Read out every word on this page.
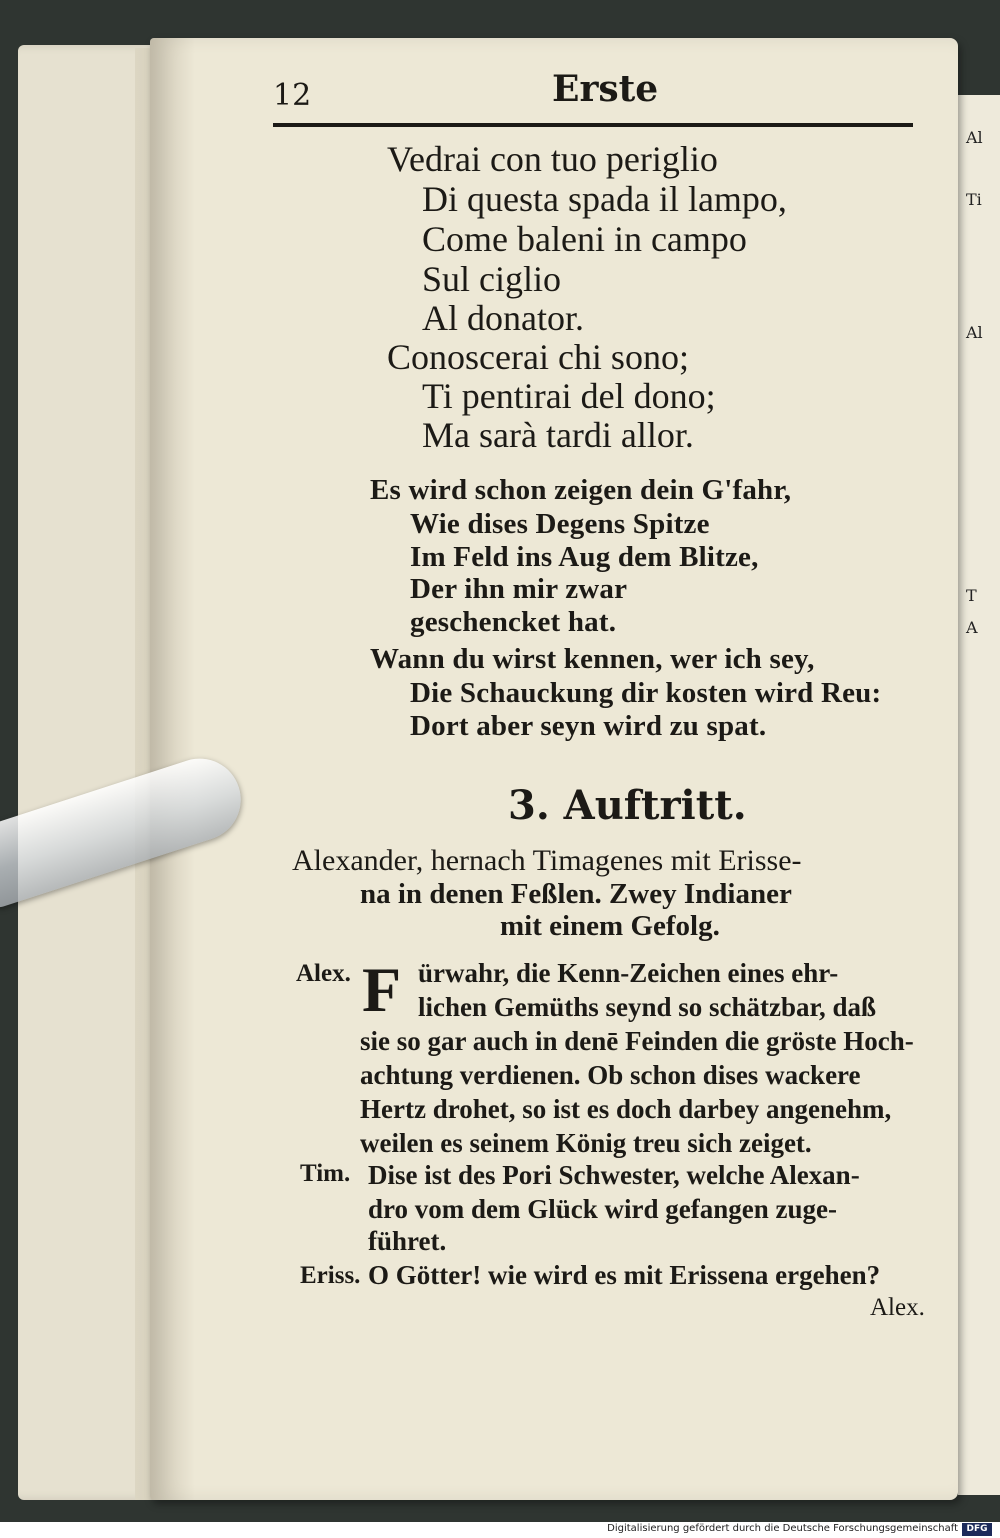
Al
Ti
Al
T
A
12	Erste
Vedrai con tuo periglio
Di questa spada il lampo,
Come baleni in campo
Sul ciglio
Al donator.
Conoscerai chi sono;
Ti pentirai del dono;
Ma sarà tardi allor.
Es wird schon zeigen dein G'fahr,
Wie dises Degens Spitze
Im Feld ins Aug dem Blitze,
Der ihn mir zwar
geschencket hat.
Wann du wirst kennen, wer ich sey,
Die Schauckung dir kosten wird Reu:
Dort aber seyn wird zu spat.
3. Auftritt.
Alexander, hernach Timagenes mit Erisse-
na in denen Feßlen. Zwey Indianer
mit einem Gefolg.
Alex. F ürwahr, die Kenn-Zeichen eines ehr-
lichen Gemüths seynd so schätzbar, daß
sie so gar auch in denē Feinden die gröste Hoch-
achtung verdienen. Ob schon dises wackere
Hertz drohet, so ist es doch darbey angenehm,
weilen es seinem König treu sich zeiget.
Tim. Dise ist des Pori Schwester, welche Alexan-
dro vom dem Glück wird gefangen zuge-
führet.
Eriss. O Götter! wie wird es mit Erissena ergehen?
Alex.
Digitalisierung gefördert durch die Deutsche Forschungsgemeinschaft DFG
